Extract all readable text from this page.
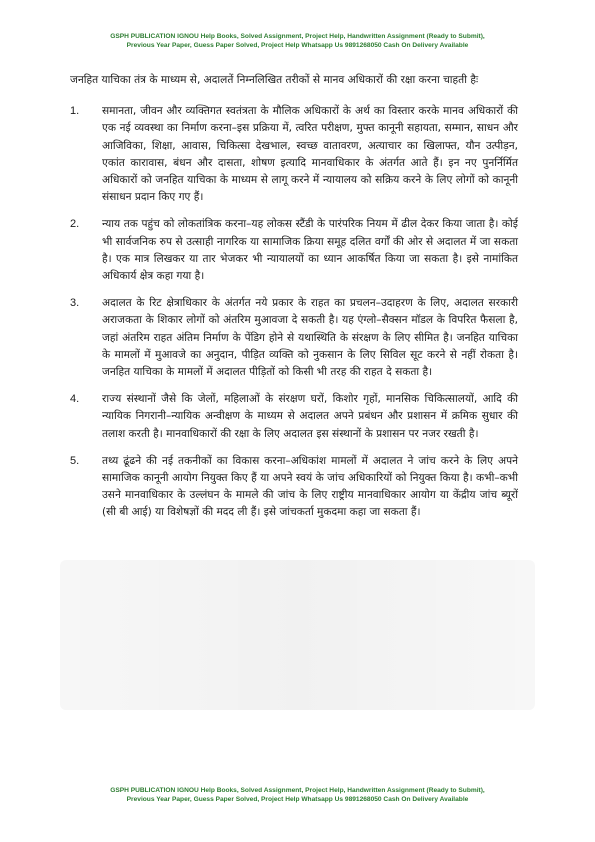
GSPH PUBLICATION IGNOU Help Books, Solved Assignment, Project Help, Handwritten Assignment (Ready to Submit),
Previous Year Paper, Guess Paper Solved, Project Help Whatsapp Us 9891268050 Cash On Delivery Available

जनहित याचिका तंत्र के माध्यम से, अदालतें निम्नलिखित तरीकों से मानव अधिकारों की रक्षा करना चाहती हैः

1.	समानता, जीवन और व्यक्तिगत स्वतंत्रता के मौलिक अधिकारों के अर्थ का विस्तार करके मानव अधिकारों की एक नई व्यवस्था का निर्माण करना–इस प्रक्रिया में, त्वरित परीक्षण, मुफ्त कानूनी सहायता, सम्मान, साधन और आजिविका, शिक्षा, आवास, चिकित्सा देखभाल, स्वच्छ वातावरण, अत्याचार का खिलाफ्त, यौन उत्पीड़न, एकांत कारावास, बंधन और दासता, शोषण इत्यादि मानवाधिकार के अंतर्गत आते हैं। इन नए पुनर्निर्मित अधिकारों को जनहित याचिका के माध्यम से लागू करने में न्यायालय को सक्रिय करने के लिए लोगों को कानूनी संसाधन प्रदान किए गए हैं।
2.	न्याय तक पहुंच को लोकतांत्रिक करना–यह लोकस स्टैंडी के पारंपरिक नियम में ढील देकर किया जाता है। कोई भी सार्वजनिक रुप से उत्साही नागरिक या सामाजिक क्रिया समूह दलित वर्गों की ओर से अदालत में जा सकता है। एक मात्र लिखकर या तार भेजकर भी न्यायालयों का ध्यान आकर्षित किया जा सकता है। इसे नामांकित अधिकार्य क्षेत्र कहा गया है।
3.	अदालत के रिट क्षेत्राधिकार के अंतर्गत नये प्रकार के राहत का प्रचलन–उदाहरण के लिए, अदालत सरकारी अराजकता के शिकार लोगों को अंतरिम मुआवजा दे सकती है। यह एंग्लो–सैक्सन मॉडल के विपरित फैसला है, जहां अंतरिम राहत अंतिम निर्माण के पेंडिग होने से यथास्थिति के संरक्षण के लिए सीमित है। जनहित याचिका के मामलों में मुआवजे का अनुदान, पीड़ित व्यक्ति को नुकसान के लिए सिविल सूट करने से नहीं रोकता है। जनहित याचिका के मामलों में अदालत पीड़ितों को किसी भी तरह की राहत दे सकता है।
4.	राज्य संस्थानों जैसे कि जेलों, महिलाओं के संरक्षण घरों, किशोर गृहों, मानसिक चिकित्सालयों, आदि की न्यायिक निगरानी–न्यायिक अन्वीक्षण के माध्यम से अदालत अपने प्रबंधन और प्रशासन में क्रमिक सुधार की तलाश करती है। मानवाधिकारों की रक्षा के लिए अदालत इस संस्थानों के प्रशासन पर नजर रखती है।
5.	तथ्य ढूंढने की नई तकनीकों का विकास करना–अधिकांश मामलों में अदालत ने जांच करने के लिए अपने सामाजिक कानूनी आयोग नियुक्त किए हैं या अपने स्वयं के जांच अधिकारियों को नियुक्त किया है। कभी–कभी उसने मानवाधिकार के उल्लंघन के मामले की जांच के लिए राष्ट्रीय मानवाधिकार आयोग या केंद्रीय जांच ब्यूरों (सी बी आई) या विशेषज्ञों की मदद ली हैं। इसे जांचकर्ता मुकदमा कहा जा सकता हैं।
GSPH PUBLICATION IGNOU Help Books, Solved Assignment, Project Help, Handwritten Assignment (Ready to Submit),
Previous Year Paper, Guess Paper Solved, Project Help Whatsapp Us 9891268050 Cash On Delivery Available
